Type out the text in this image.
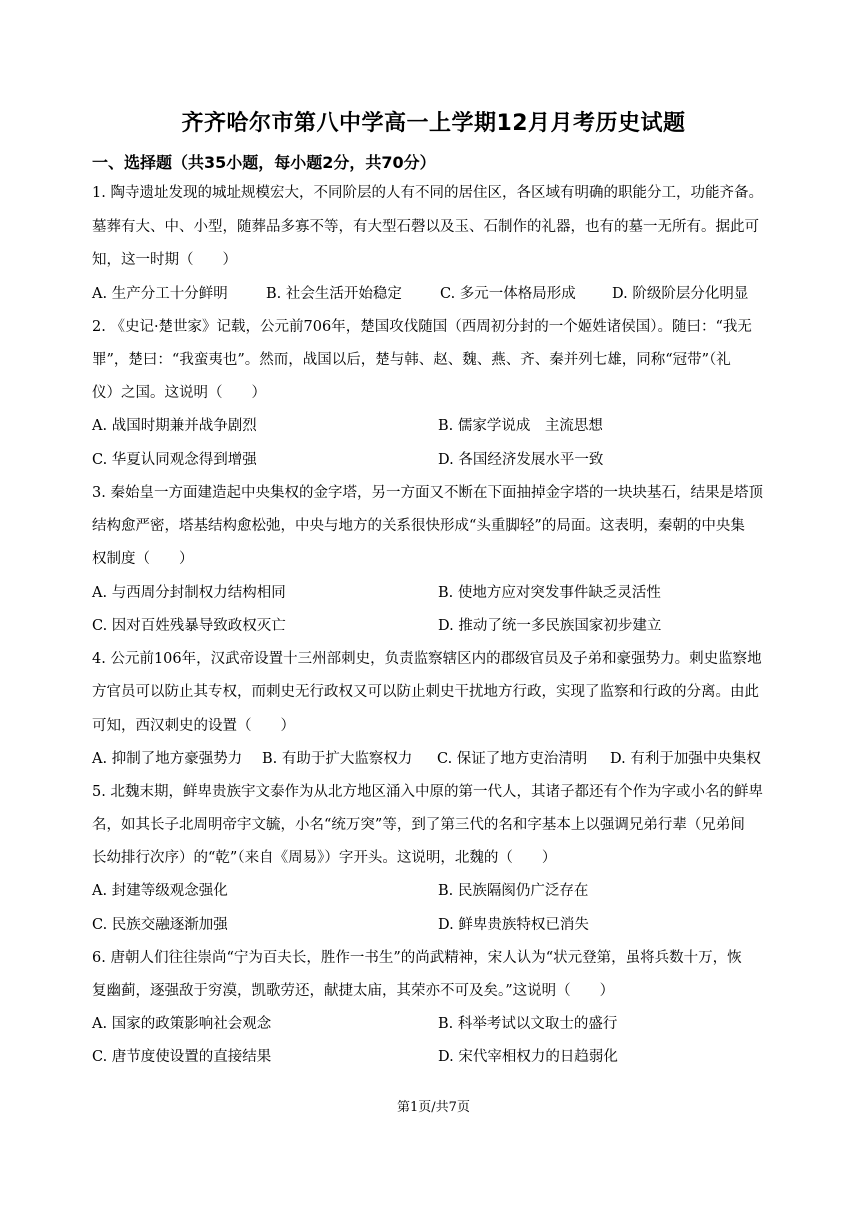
齐齐哈尔市第八中学高一上学期12月月考历史试题
一、选择题（共35小题，每小题2分，共70分）
1. 陶寺遗址发现的城址规模宏大，不同阶层的人有不同的居住区，各区域有明确的职能分工，功能齐备。
墓葬有大、中、小型，随葬品多寡不等，有大型石磬以及玉、石制作的礼器，也有的墓一无所有。据此可
知，这一时期（　　）
A. 生产分工十分鲜明	B. 社会生活开始稳定	C. 多元一体格局形成 D. 阶级阶层分化明显
2. 《史记·楚世家》记载，公元前706年，楚国攻伐随国（西周初分封的一个姬姓诸侯国）。随曰：“我无
罪”，楚曰：“我蛮夷也”。然而，战国以后，楚与韩、赵、魏、燕、齐、秦并列七雄，同称“冠带”（礼
仪）之国。这说明（　　）
A. 战国时期兼并战争剧烈	B. 儒家学说成　主流思想
C. 华夏认同观念得到增强	D. 各国经济发展水平一致
3. 秦始皇一方面建造起中央集权的金字塔，另一方面又不断在下面抽掉金字塔的一块块基石，结果是塔顶
结构愈严密，塔基结构愈松弛，中央与地方的关系很快形成“头重脚轻”的局面。这表明，秦朝的中央集
权制度（　　）
A. 与西周分封制权力结构相同	B. 使地方应对突发事件缺乏灵活性
C. 因对百姓残暴导致政权灭亡	D. 推动了统一多民族国家初步建立
4. 公元前106年，汉武帝设置十三州部刺史，负责监察辖区内的郡级官员及子弟和豪强势力。刺史监察地
方官员可以防止其专权，而刺史无行政权又可以防止刺史干扰地方行政，实现了监察和行政的分离。由此
可知，西汉刺史的设置（　　）
A. 抑制了地方豪强势力 B. 有助于扩大监察权力 C. 保证了地方吏治清明 D. 有利于加强中央集权
5. 北魏末期，鲜卑贵族宇文泰作为从北方地区涌入中原的第一代人，其诸子都还有个作为字或小名的鲜卑
名，如其长子北周明帝宇文毓，小名“统万突”等，到了第三代的名和字基本上以强调兄弟行辈（兄弟间
长幼排行次序）的“乾”（来自《周易》）字开头。这说明，北魏的（　　）
A. 封建等级观念强化	B. 民族隔阂仍广泛存在
C. 民族交融逐渐加强	D. 鲜卑贵族特权已消失
6. 唐朝人们往往崇尚“宁为百夫长，胜作一书生”的尚武精神，宋人认为“状元登第，虽将兵数十万，恢
复幽蓟，逐强敌于穷漠，凯歌劳还，献捷太庙，其荣亦不可及矣。”这说明（　　）
A. 国家的政策影响社会观念	B. 科举考试以文取士的盛行
C. 唐节度使设置的直接结果	D. 宋代宰相权力的日趋弱化
第1页/共7页
